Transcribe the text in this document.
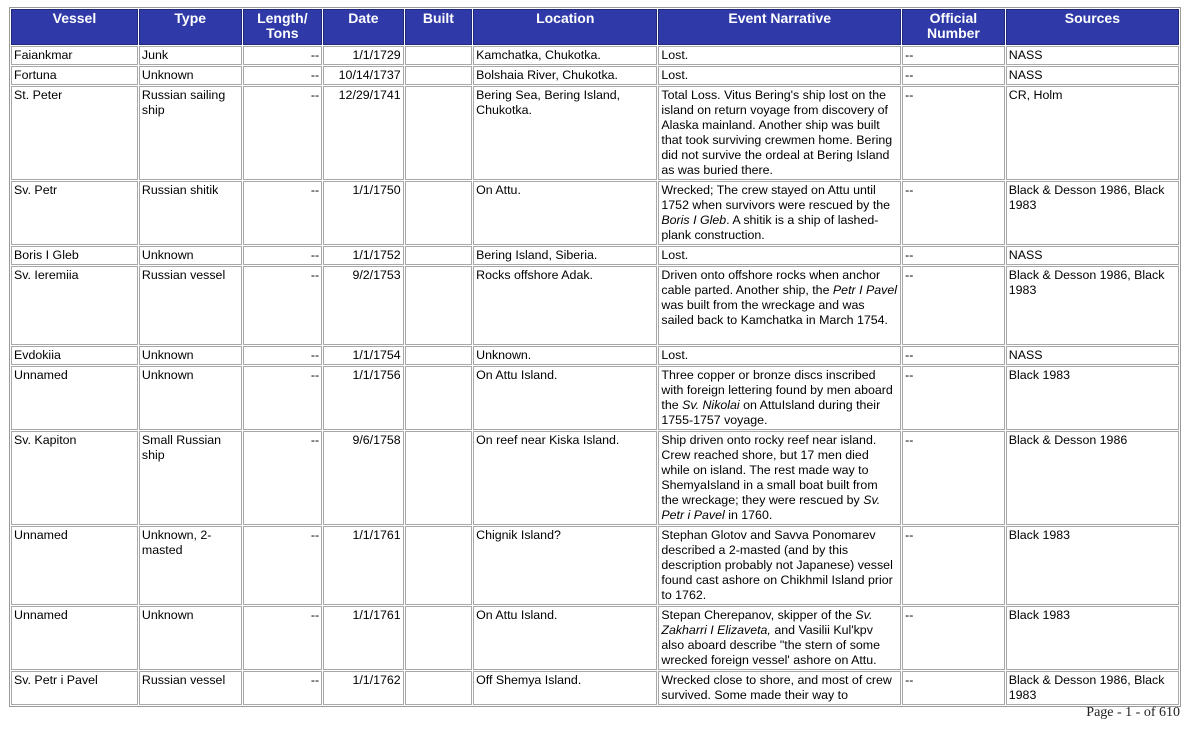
Vessel	Type	Length/ Tons	Date	Built	Location	Event Narrative	Official Number	Sources
Faiankmar	Junk	--	1/1/1729		Kamchatka, Chukotka.	Lost.	--	NASS
Fortuna	Unknown	--	10/14/1737		Bolshaia River, Chukotka.	Lost.	--	NASS
St. Peter	Russian sailing ship	--	12/29/1741		Bering Sea, Bering Island, Chukotka.	Total Loss. Vitus Bering's ship lost on the island on return voyage from discovery of Alaska mainland. Another ship was built that took surviving crewmen home. Bering did not survive the ordeal at Bering Island as was buried there.	--	CR, Holm
Sv. Petr	Russian shitik	--	1/1/1750		On Attu.	Wrecked; The crew stayed on Attu until 1752 when survivors were rescued by the Boris I Gleb. A shitik is a ship of lashed-plank construction.	--	Black & Desson 1986, Black 1983
Boris I Gleb	Unknown	--	1/1/1752		Bering Island, Siberia.	Lost.	--	NASS
Sv. Ieremiia	Russian vessel	--	9/2/1753		Rocks offshore Adak.	Driven onto offshore rocks when anchor cable parted. Another ship, the Petr I Pavel was built from the wreckage and was sailed back to Kamchatka in March 1754.	--	Black & Desson 1986, Black 1983
Evdokiia	Unknown	--	1/1/1754		Unknown.	Lost.	--	NASS
Unnamed	Unknown	--	1/1/1756		On Attu Island.	Three copper or bronze discs inscribed with foreign lettering found by men aboard the Sv. Nikolai on AttuIsland during their 1755-1757 voyage.	--	Black 1983
Sv. Kapiton	Small Russian ship	--	9/6/1758		On reef near Kiska Island.	Ship driven onto rocky reef near island. Crew reached shore, but 17 men died while on island. The rest made way to ShemyaIsland in a small boat built from the wreckage; they were rescued by Sv. Petr i Pavel in 1760.	--	Black & Desson 1986
Unnamed	Unknown, 2-masted	--	1/1/1761		Chignik Island?	Stephan Glotov and Savva Ponomarev described a 2-masted (and by this description probably not Japanese) vessel found cast ashore on Chikhmil Island prior to 1762.	--	Black 1983
Unnamed	Unknown	--	1/1/1761		On Attu Island.	Stepan Cherepanov, skipper of the Sv. Zakharri I Elizaveta, and Vasilii Kul'kpv also aboard describe "the stern of some wrecked foreign vessel' ashore on Attu.	--	Black 1983
Sv. Petr i Pavel	Russian vessel	--	1/1/1762		Off Shemya Island.	Wrecked close to shore, and most of crew survived. Some made their way to	--	Black & Desson 1986, Black 1983
Page - 1 - of 610
